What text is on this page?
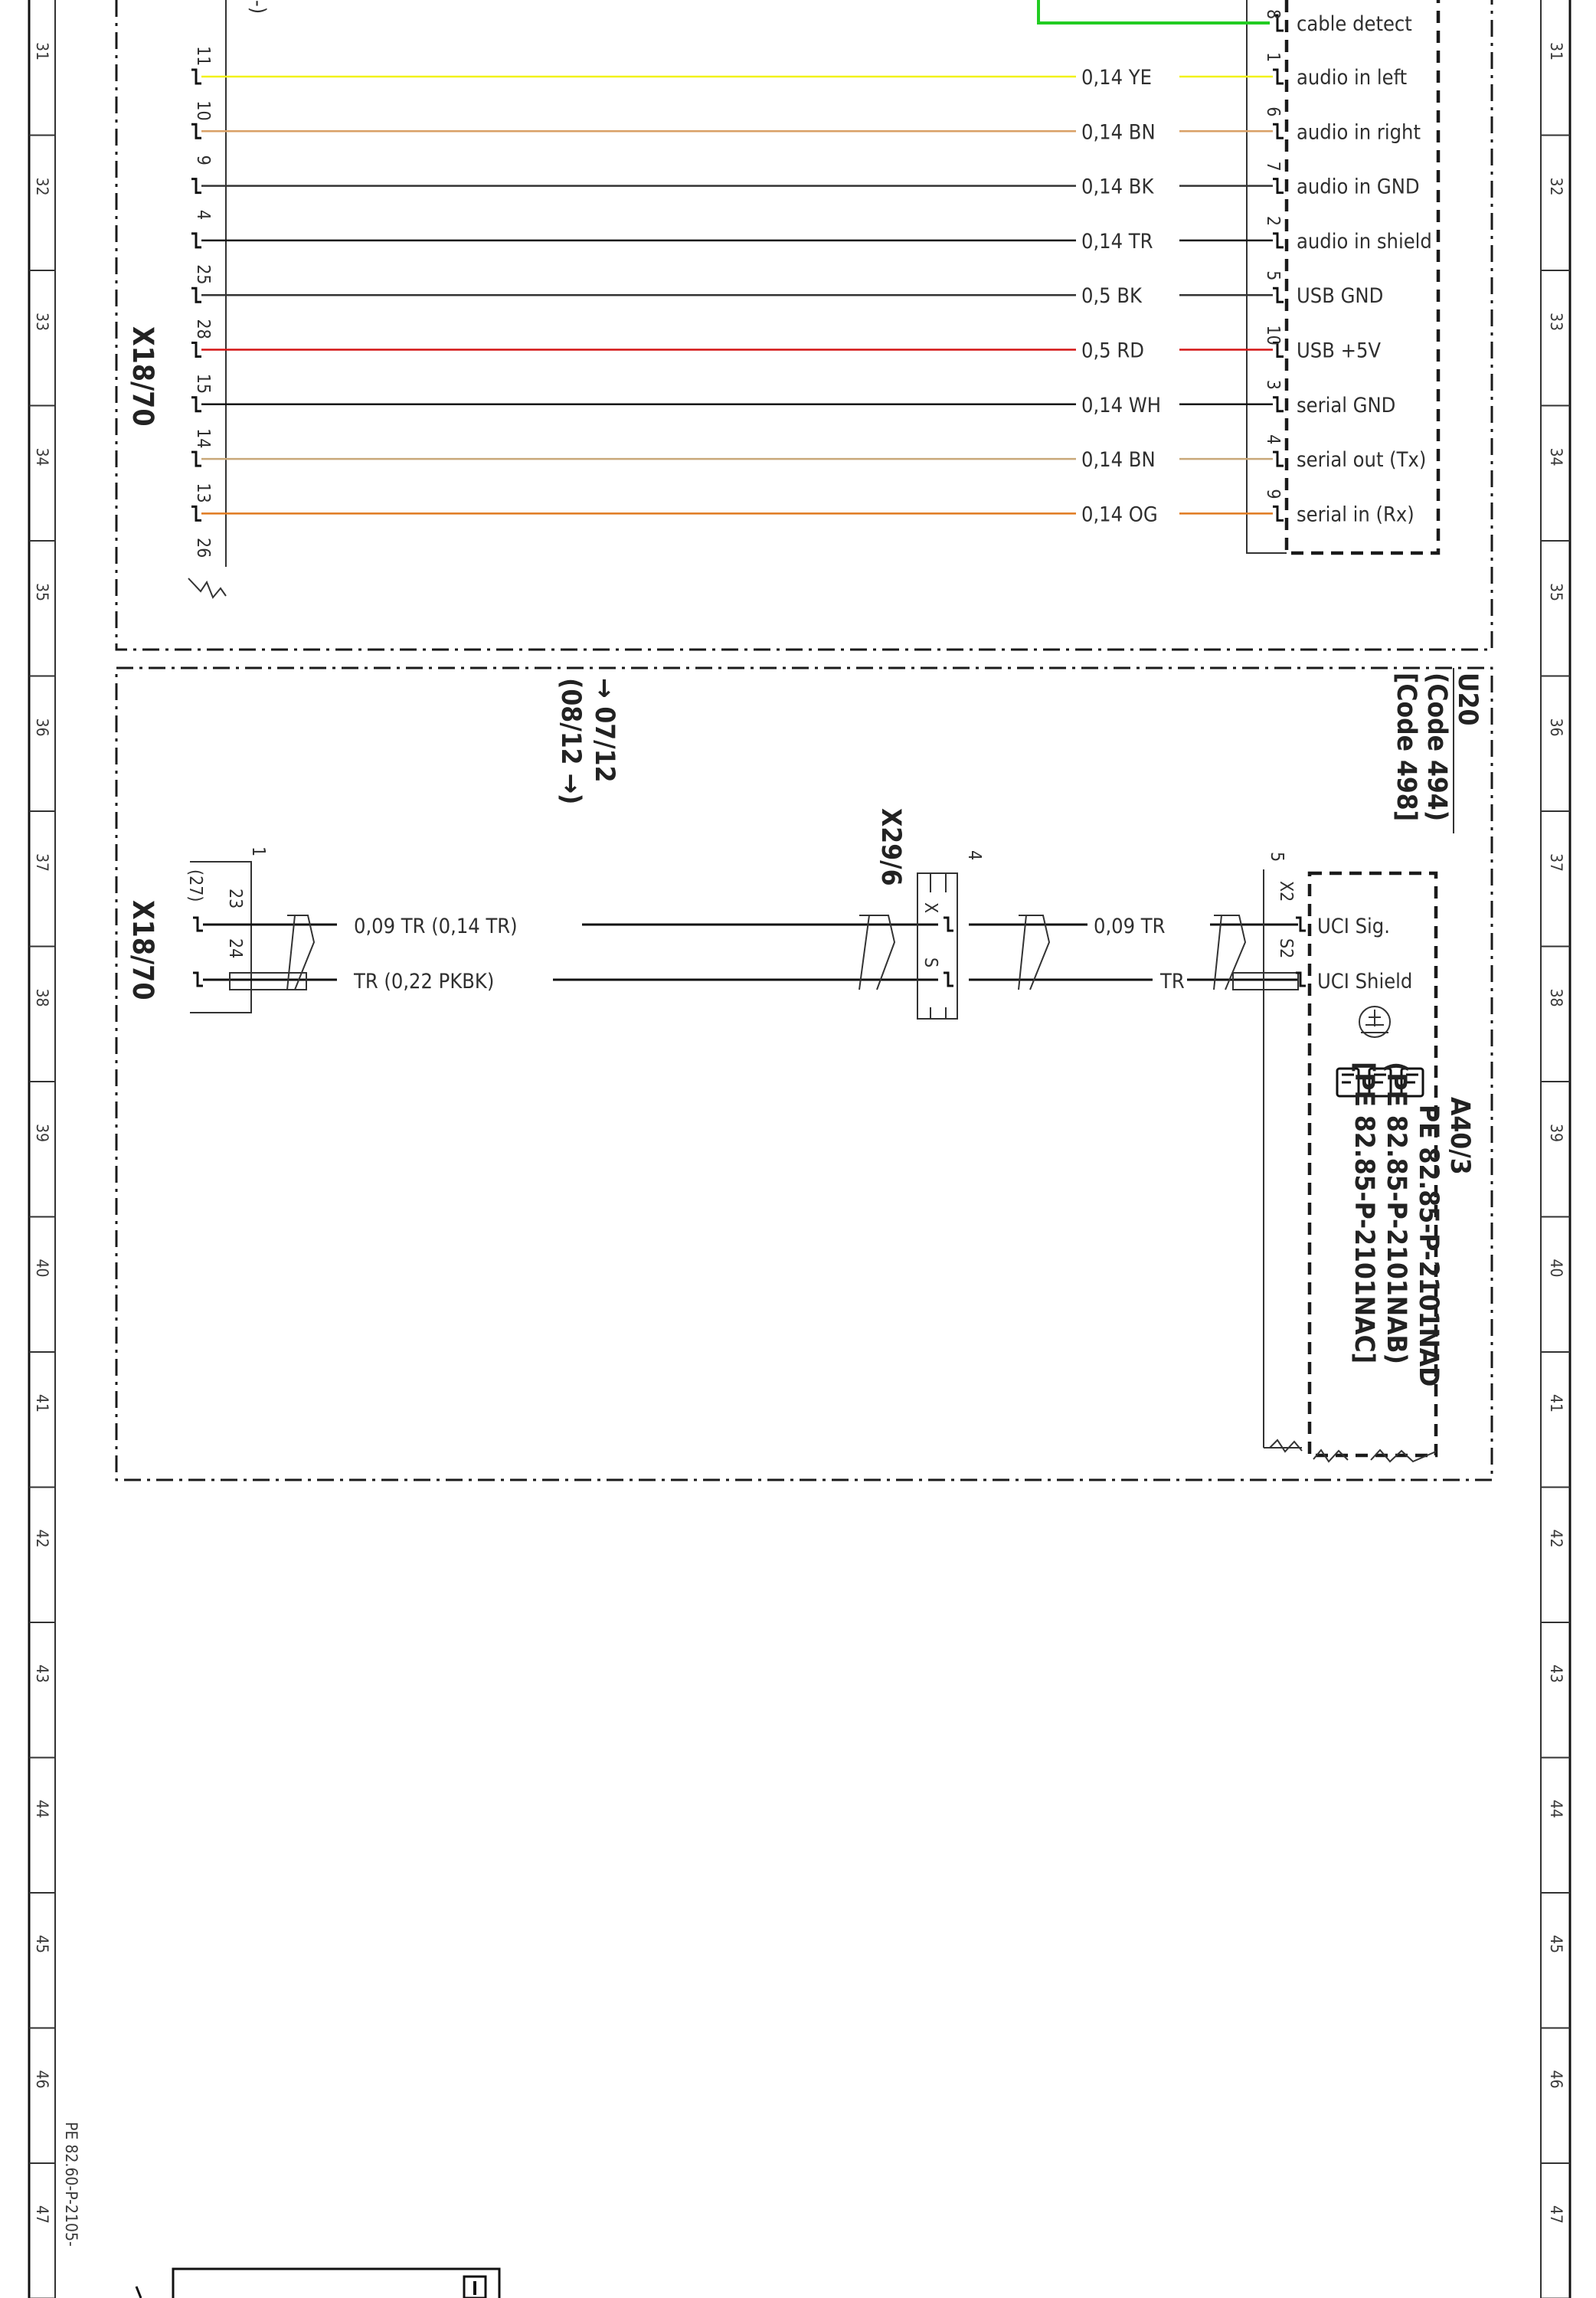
31	31
32	32
33	33
34	34
35	35
36	36
37	37
38	38
39	39
40	40
41	41
42	42
43	43
44	44
45	45
46	46
47	47
8 cable detect
11
0,14 YE
1
audio in left
10
0,14 BN
6
audio in right
9
0,14 BK
7
audio in GND
4
0,14 TR
2
audio in shield
25
0,5 BK
5
USB GND
28
0,5 RD
10
USB +5V
15
0,14 WH
3
serial GND
14
0,14 BN
4
serial out (Tx)
13
0,14 OG
9
serial in (Rx)
26
X18/70
-)
U20
(Code 494)
[Code 498]
→ 07/12
(08/12 →)
X18/70
1
23
24
(27)
0,09 TR (0,14 TR)
TR (0,22 PKBK)
0,09 TR
TR
X
S
4
X29/6	5
X2
S2
UCI Sig.
UCI Shield
A40/3
PE 82.85-P-2101NAD
(PE 82.85-P-2101NAB)
[PE 82.85-P-2101NAC]
PE 82.60-P-2105-
